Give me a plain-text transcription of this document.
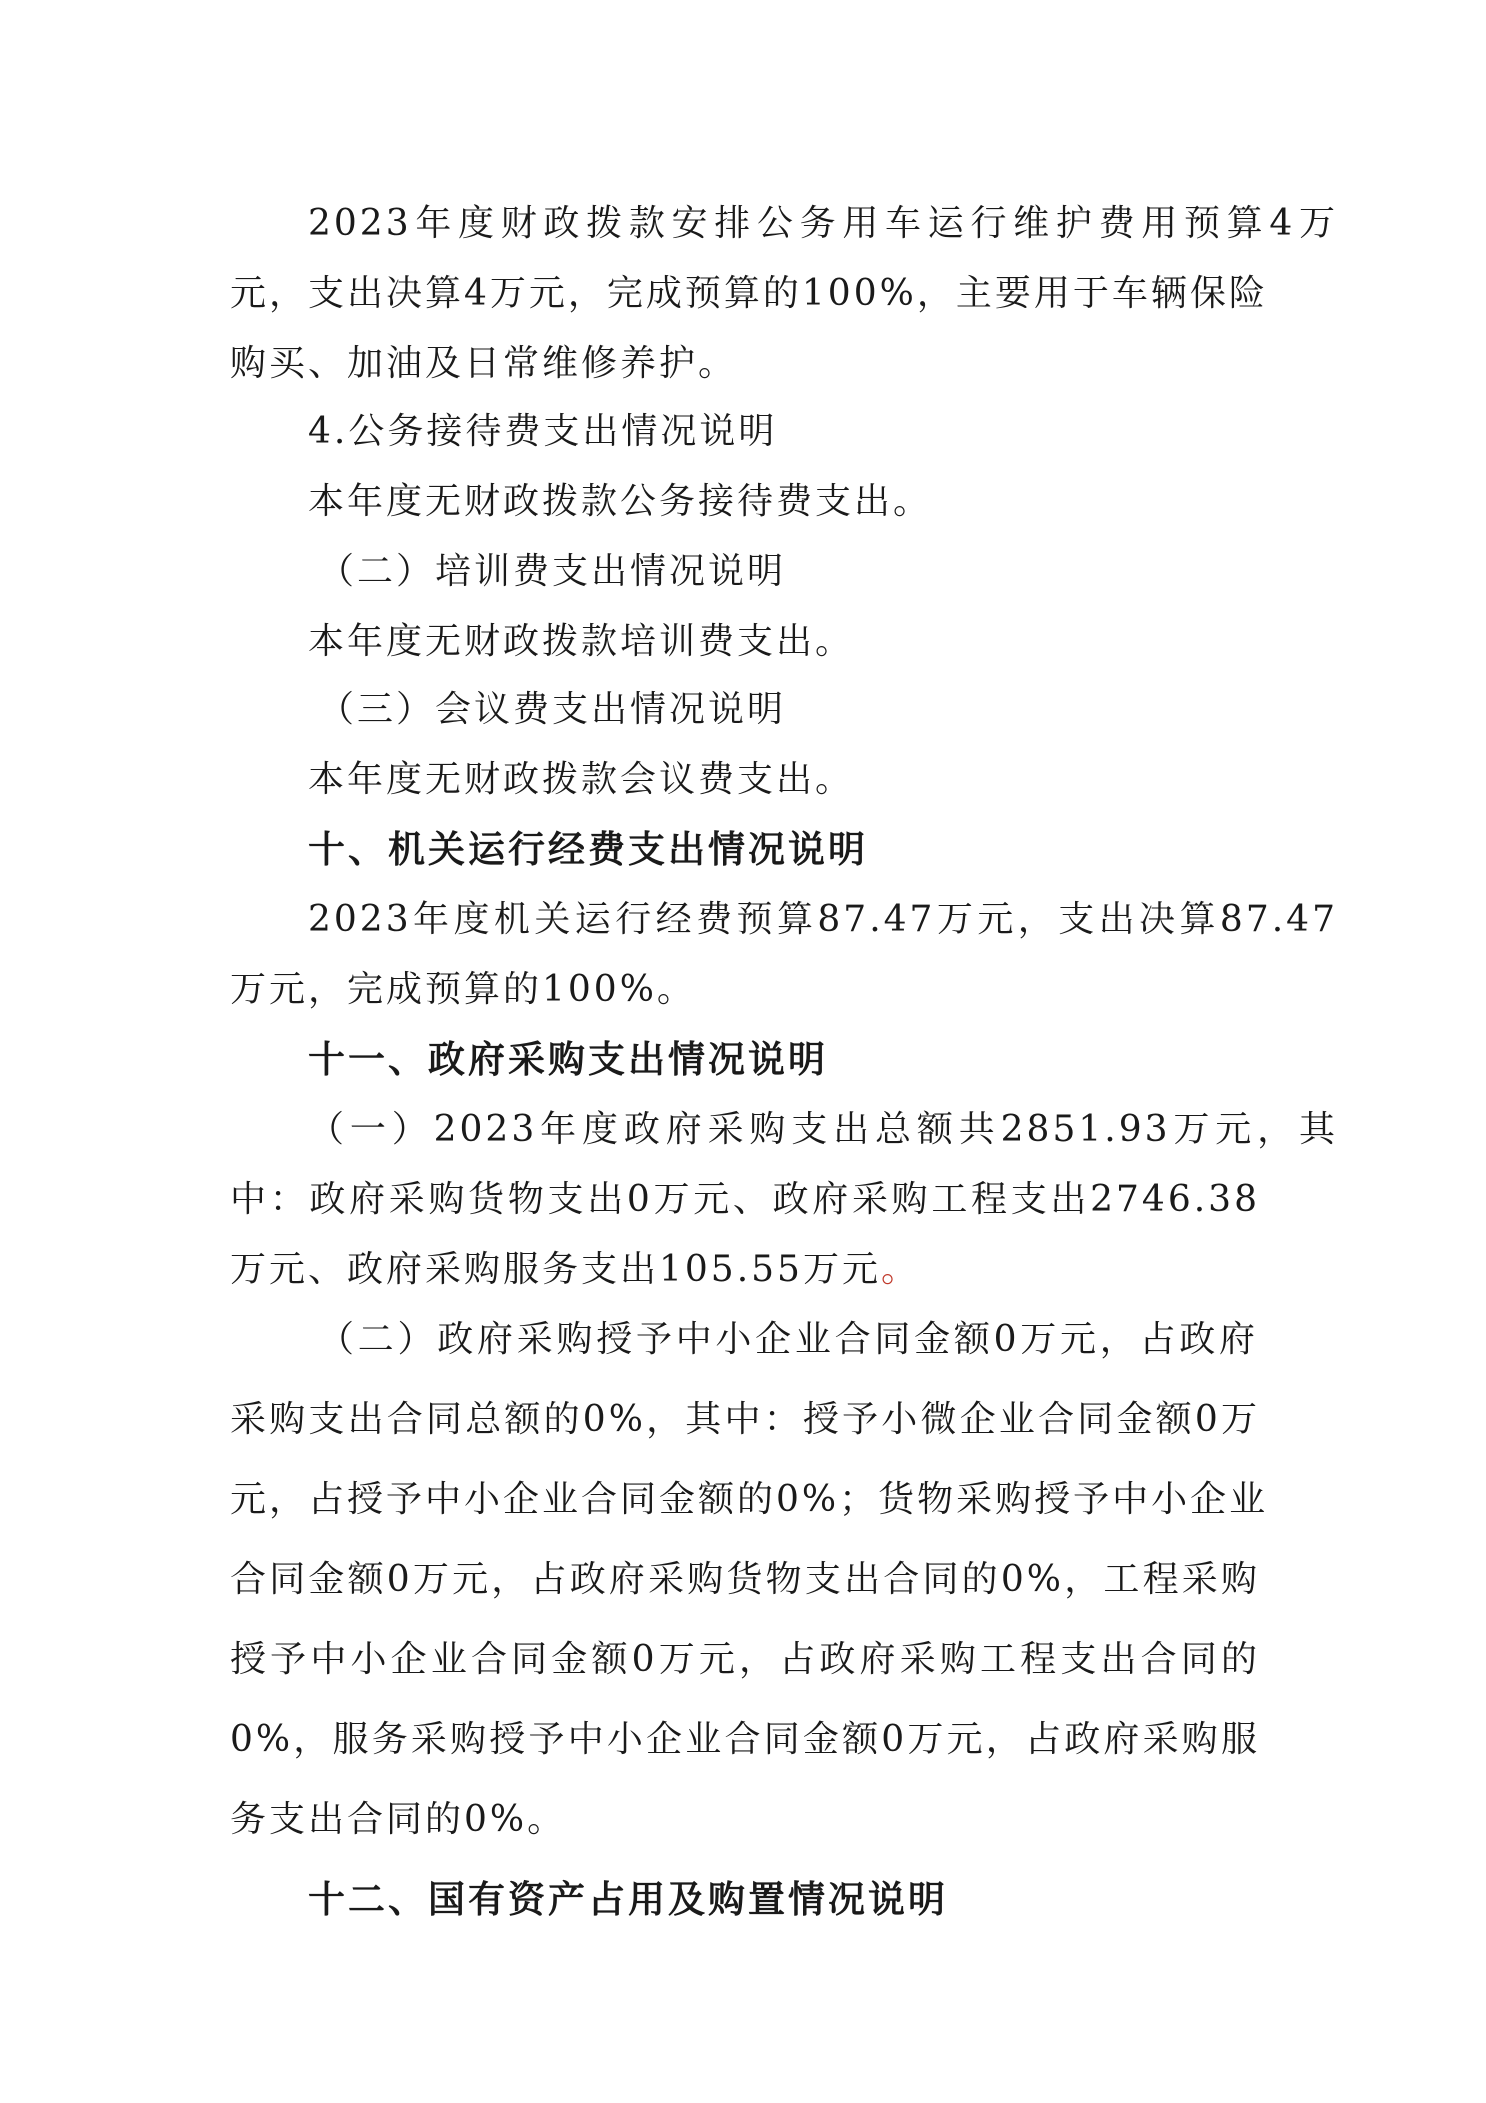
2023年度财政拨款安排公务用车运行维护费用预算4万
元，支出决算4万元，完成预算的100%，主要用于车辆保险
购买、加油及日常维修养护。
4.公务接待费支出情况说明
本年度无财政拨款公务接待费支出。
（二）培训费支出情况说明
本年度无财政拨款培训费支出。
（三）会议费支出情况说明
本年度无财政拨款会议费支出。
十、机关运行经费支出情况说明
2023年度机关运行经费预算87.47万元，支出决算87.47
万元，完成预算的100%。
十一、政府采购支出情况说明
（一）2023年度政府采购支出总额共2851.93万元，其
中：政府采购货物支出0万元、政府采购工程支出2746.38
万元、政府采购服务支出105.55万元。
（二）政府采购授予中小企业合同金额0万元，占政府
采购支出合同总额的0%，其中：授予小微企业合同金额0万
元，占授予中小企业合同金额的0%；货物采购授予中小企业
合同金额0万元，占政府采购货物支出合同的0%，工程采购
授予中小企业合同金额0万元，占政府采购工程支出合同的
0%，服务采购授予中小企业合同金额0万元，占政府采购服
务支出合同的0%。
十二、国有资产占用及购置情况说明
